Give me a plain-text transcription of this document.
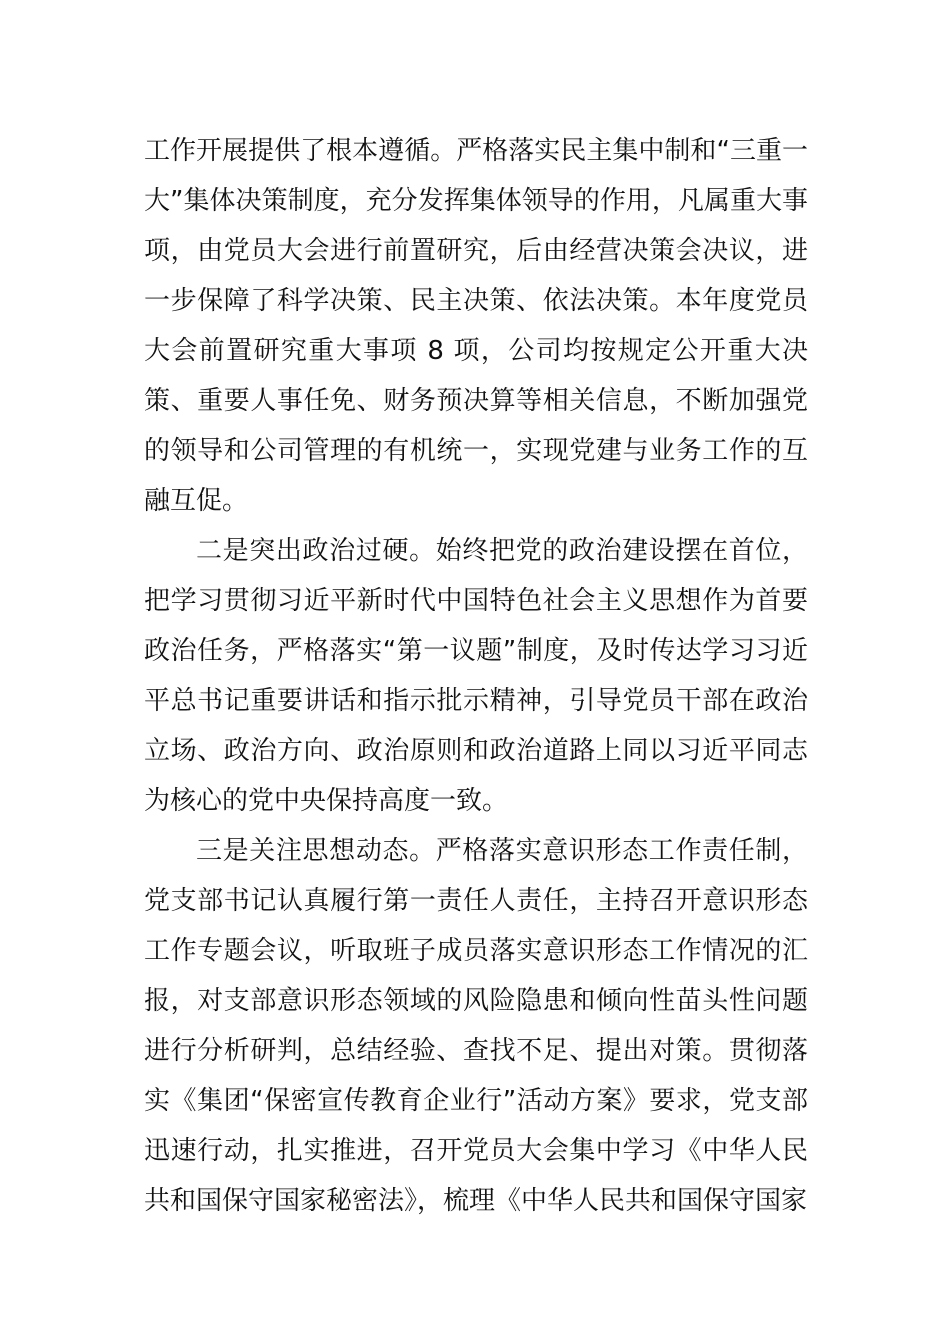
工作开展提供了根本遵循。严格落实民主集中制和“三重一大”集体决策制度，充分发挥集体领导的作用，凡属重大事项，由党员大会进行前置研究，后由经营决策会决议，进一步保障了科学决策、民主决策、依法决策。本年度党员大会前置研究重大事项 8 项，公司均按规定公开重大决策、重要人事任免、财务预决算等相关信息，不断加强党的领导和公司管理的有机统一，实现党建与业务工作的互融互促。

二是突出政治过硬。始终把党的政治建设摆在首位，把学习贯彻习近平新时代中国特色社会主义思想作为首要政治任务，严格落实“第一议题”制度，及时传达学习习近平总书记重要讲话和指示批示精神，引导党员干部在政治立场、政治方向、政治原则和政治道路上同以习近平同志为核心的党中央保持高度一致。

三是关注思想动态。严格落实意识形态工作责任制，党支部书记认真履行第一责任人责任，主持召开意识形态工作专题会议，听取班子成员落实意识形态工作情况的汇报，对支部意识形态领域的风险隐患和倾向性苗头性问题进行分析研判，总结经验、查找不足、提出对策。贯彻落实《集团“保密宣传教育企业行”活动方案》要求，党支部迅速行动，扎实推进，召开党员大会集中学习《中华人民共和国保守国家秘密法》，梳理《中华人民共和国保守国家
